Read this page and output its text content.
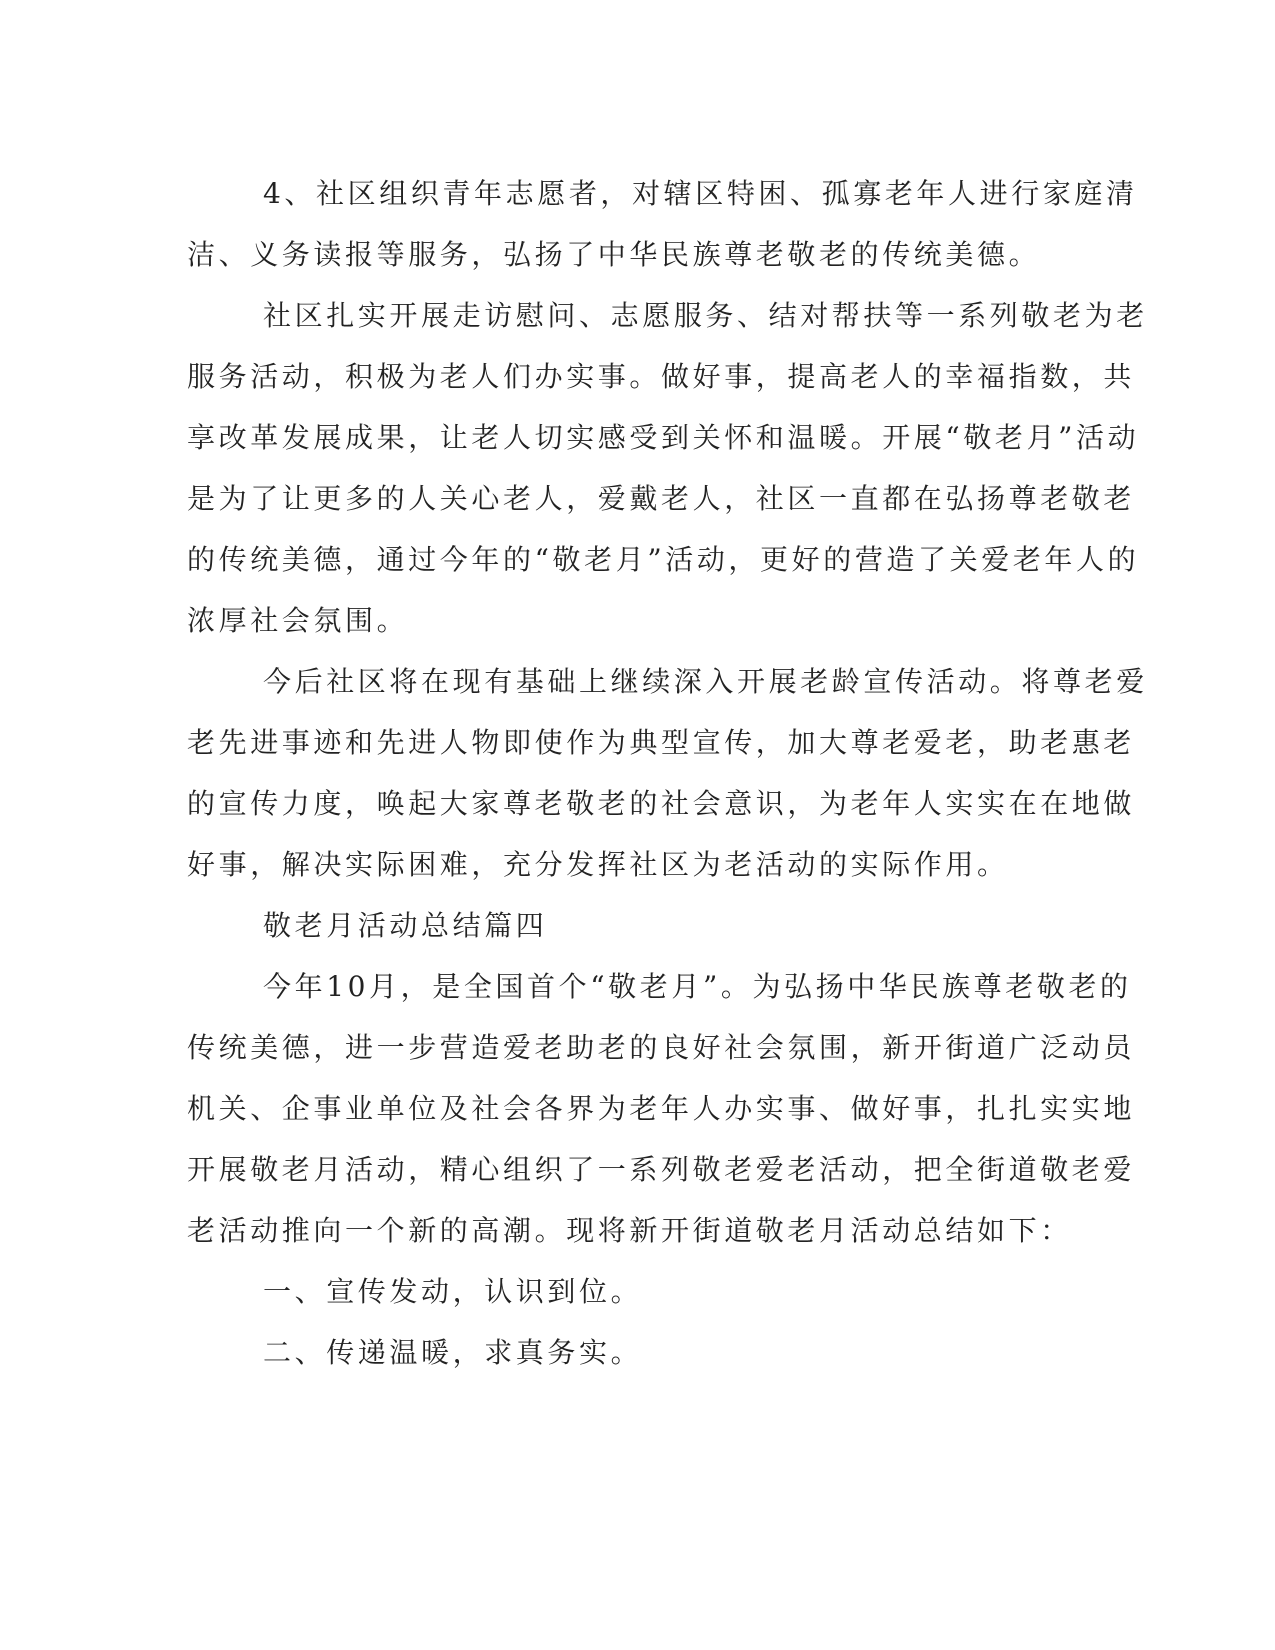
4、社区组织青年志愿者，对辖区特困、孤寡老年人进行家庭清
洁、义务读报等服务，弘扬了中华民族尊老敬老的传统美德。
社区扎实开展走访慰问、志愿服务、结对帮扶等一系列敬老为老
服务活动，积极为老人们办实事。做好事，提高老人的幸福指数，共
享改革发展成果，让老人切实感受到关怀和温暖。开展“敬老月”活动
是为了让更多的人关心老人，爱戴老人，社区一直都在弘扬尊老敬老
的传统美德，通过今年的“敬老月”活动，更好的营造了关爱老年人的
浓厚社会氛围。
今后社区将在现有基础上继续深入开展老龄宣传活动。将尊老爱
老先进事迹和先进人物即使作为典型宣传，加大尊老爱老，助老惠老
的宣传力度，唤起大家尊老敬老的社会意识，为老年人实实在在地做
好事，解决实际困难，充分发挥社区为老活动的实际作用。
敬老月活动总结篇四
今年10月，是全国首个“敬老月”。为弘扬中华民族尊老敬老的
传统美德，进一步营造爱老助老的良好社会氛围，新开街道广泛动员
机关、企事业单位及社会各界为老年人办实事、做好事，扎扎实实地
开展敬老月活动，精心组织了一系列敬老爱老活动，把全街道敬老爱
老活动推向一个新的高潮。现将新开街道敬老月活动总结如下：
一、宣传发动，认识到位。
二、传递温暖，求真务实。
